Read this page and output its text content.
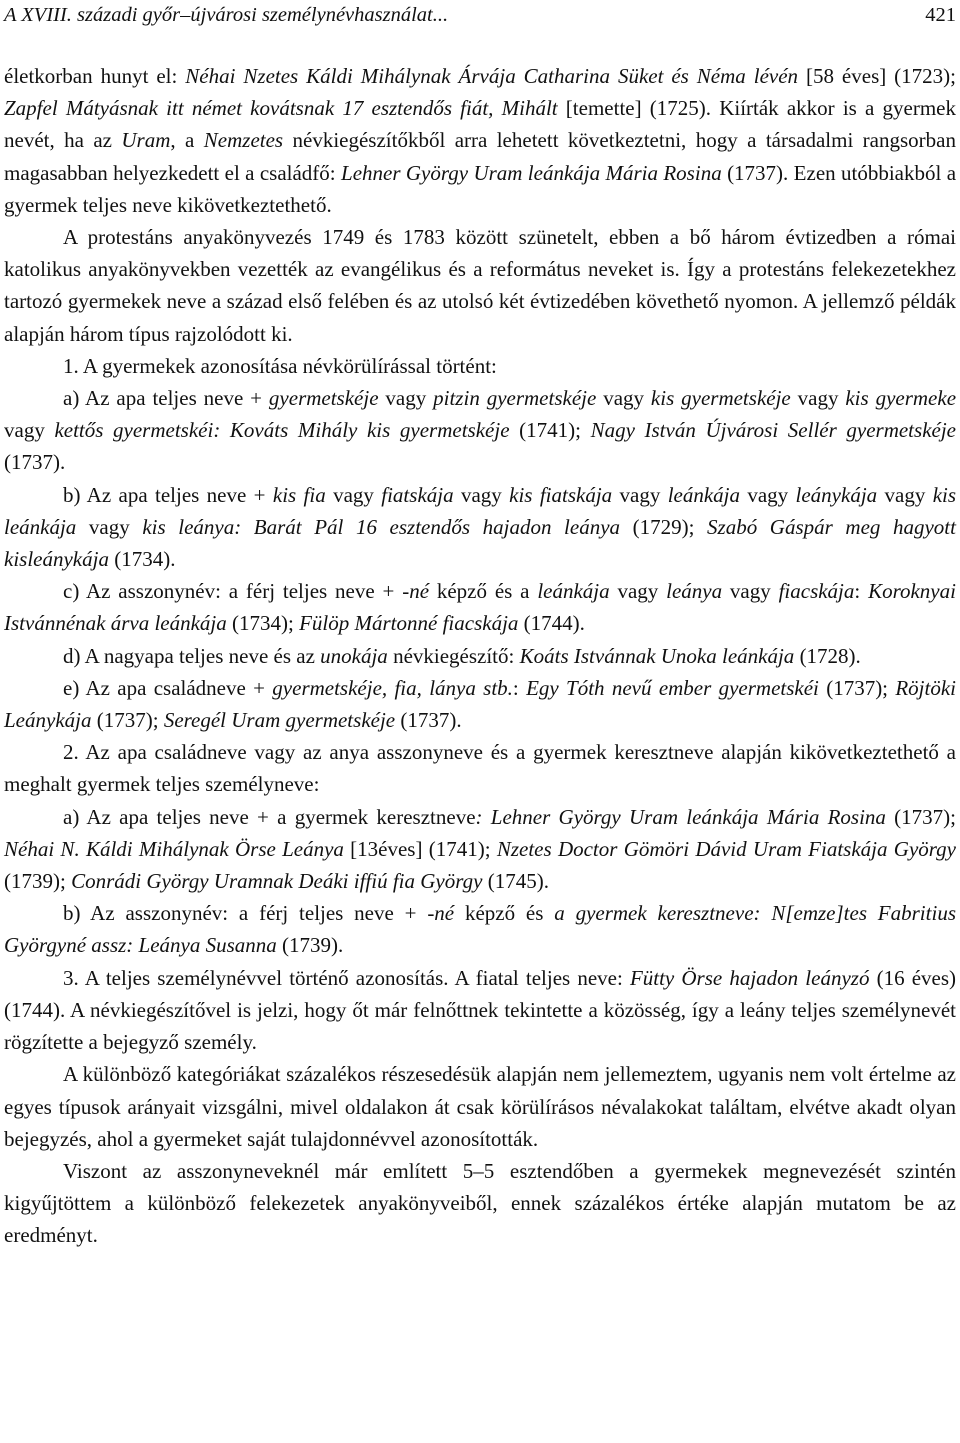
A XVIII. századi győr–újvárosi személynévhasználat...	421

életkorban hunyt el: Néhai Nzetes Káldi Mihálynak Árvája Catharina Süket és Néma lévén [58 éves] (1723); Zapfel Mátyásnak itt német kovátsnak 17 esztendős fiát, Mihált [temette] (1725). Kiírták akkor is a gyermek nevét, ha az Uram, a Nemzetes névkiegészítőkből arra lehetett következtetni, hogy a társadalmi rangsorban magasabban helyezkedett el a családfő: Lehner György Uram leánkája Mária Rosina (1737). Ezen utóbbiakból a gyermek teljes neve kikövetkeztethető.

A protestáns anyakönyvezés 1749 és 1783 között szünetelt, ebben a bő három évtizedben a római katolikus anyakönyvekben vezették az evangélikus és a református neveket is. Így a protestáns felekezetekhez tartozó gyermekek neve a század első felében és az utolsó két évtizedében követhető nyomon. A jellemző példák alapján három típus rajzolódott ki.

1. A gyermekek azonosítása névkörülírással történt:

a) Az apa teljes neve + gyermetskéje vagy pitzin gyermetskéje vagy kis gyermetskéje vagy kis gyermeke vagy kettős gyermetskéi: Kováts Mihály kis gyermetskéje (1741); Nagy István Újvárosi Sellér gyermetskéje (1737).

b) Az apa teljes neve + kis fia vagy fiatskája vagy kis fiatskája vagy leánkája vagy leánykája vagy kis leánkája vagy kis leánya: Barát Pál 16 esztendős hajadon leánya (1729); Szabó Gáspár meg hagyott kisleánykája (1734).

c) Az asszonynév: a férj teljes neve + -né képző és a leánkája vagy leánya vagy fiacskája: Koroknyai Istvánnénak árva leánkája (1734); Fülöp Mártonné fiacskája (1744).

d) A nagyapa teljes neve és az unokája névkiegészítő: Koáts Istvánnak Unoka leánkája (1728).

e) Az apa családneve + gyermetskéje, fia, lánya stb.: Egy Tóth nevű ember gyermetskéi (1737); Röjtöki Leánykája (1737); Seregél Uram gyermetskéje (1737).

2. Az apa családneve vagy az anya asszonyneve és a gyermek keresztneve alapján kikövetkeztethető a meghalt gyermek teljes személyneve:

a) Az apa teljes neve + a gyermek keresztneve: Lehner György Uram leánkája Mária Rosina (1737); Néhai N. Káldi Mihálynak Örse Leánya [13éves] (1741); Nzetes Doctor Gömöri Dávid Uram Fiatskája György (1739); Conrádi György Uramnak Deáki iffiú fia György (1745).

b) Az asszonynév: a férj teljes neve + -né képző és a gyermek keresztneve: N[emze]tes Fabritius Györgyné assz: Leánya Susanna (1739).

3. A teljes személynévvel történő azonosítás. A fiatal teljes neve: Fütty Örse hajadon leányzó (16 éves) (1744). A névkiegészítővel is jelzi, hogy őt már felnőttnek tekintette a közösség, így a leány teljes személynevét rögzítette a bejegyző személy.

A különböző kategóriákat százalékos részesedésük alapján nem jellemeztem, ugyanis nem volt értelme az egyes típusok arányait vizsgálni, mivel oldalakon át csak körülírásos névalakokat találtam, elvétve akadt olyan bejegyzés, ahol a gyermeket saját tulajdonnévvel azonosították.

Viszont az asszonyneveknél már említett 5–5 esztendőben a gyermekek megnevezését szintén kigyűjtöttem a különböző felekezetek anyakönyveiből, ennek százalékos értéke alapján mutatom be az eredményt.
